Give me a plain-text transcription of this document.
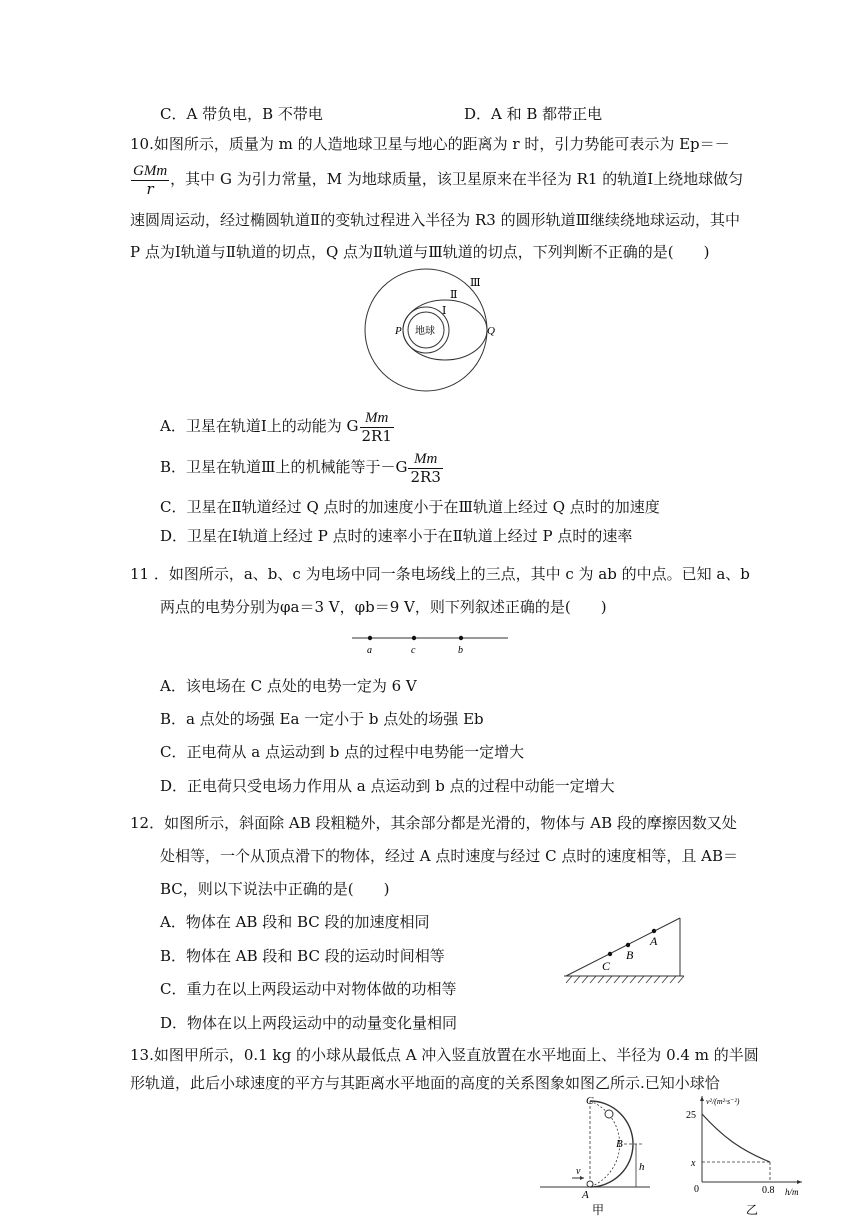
C．A 带负电，B 不带电	D．A 和 B 都带正电
10.如图所示，质量为 m 的人造地球卫星与地心的距离为 r 时，引力势能可表示为 Ep＝－
$\frac{\text{GMm}}{r}$ ，其中 G 为引力常量，M 为地球质量，该卫星原来在半径为 R1 的轨道Ⅰ上绕地球做匀
速圆周运动，经过椭圆轨道Ⅱ的变轨过程进入半径为 R3 的圆形轨道Ⅲ继续绕地球运动，其中
P 点为Ⅰ轨道与Ⅱ轨道的切点，Q 点为Ⅱ轨道与Ⅲ轨道的切点，下列判断不正确的是(　　)
Ⅲ
Ⅱ
Ⅰ
P	Q
地球
A．卫星在轨道Ⅰ上的动能为 G $\frac{Mm}{2R1}$
B．卫星在轨道Ⅲ上的机械能等于$-G \frac{Mm}{2R3}$
C．卫星在Ⅱ轨道经过 Q 点时的加速度小于在Ⅲ轨道上经过 Q 点时的加速度
D．卫星在Ⅰ轨道上经过 P 点时的速率小于在Ⅱ轨道上经过 P 点时的速率
11 ．如图所示，a、b、c 为电场中同一条电场线上的三点，其中 c 为 ab 的中点。已知 a、b
两点的电势分别为φa＝3 V，φb＝9 V，则下列叙述正确的是(　　)
a	c	b
A．该电场在 C 点处的电势一定为 6 V
B．a 点处的场强 Ea 一定小于 b 点处的场强 Eb
C．正电荷从 a 点运动到 b 点的过程中电势能一定增大
D．正电荷只受电场力作用从 a 点运动到 b 点的过程中动能一定增大
12．如图所示，斜面除 AB 段粗糙外，其余部分都是光滑的，物体与 AB 段的摩擦因数又处
处相等，一个从顶点滑下的物体，经过 A 点时速度与经过 C 点时的速度相等，且 AB＝
BC，则以下说法中正确的是(　　)
A．物体在 AB 段和 BC 段的加速度相同
B．物体在 AB 段和 BC 段的运动时间相等
C．重力在以上两段运动中对物体做的功相等
D．物体在以上两段运动中的动量变化量相同
A
B
C
13.如图甲所示，0.1 kg 的小球从最低点 A 冲入竖直放置在水平地面上、半径为 0.4 m 的半圆
形轨道，此后小球速度的平方与其距离水平地面的高度的关系图象如图乙所示.已知小球恰
C
B
A
v	h
甲
v²/(m²·s⁻²)
25
x
0	0.8 h/m
乙
